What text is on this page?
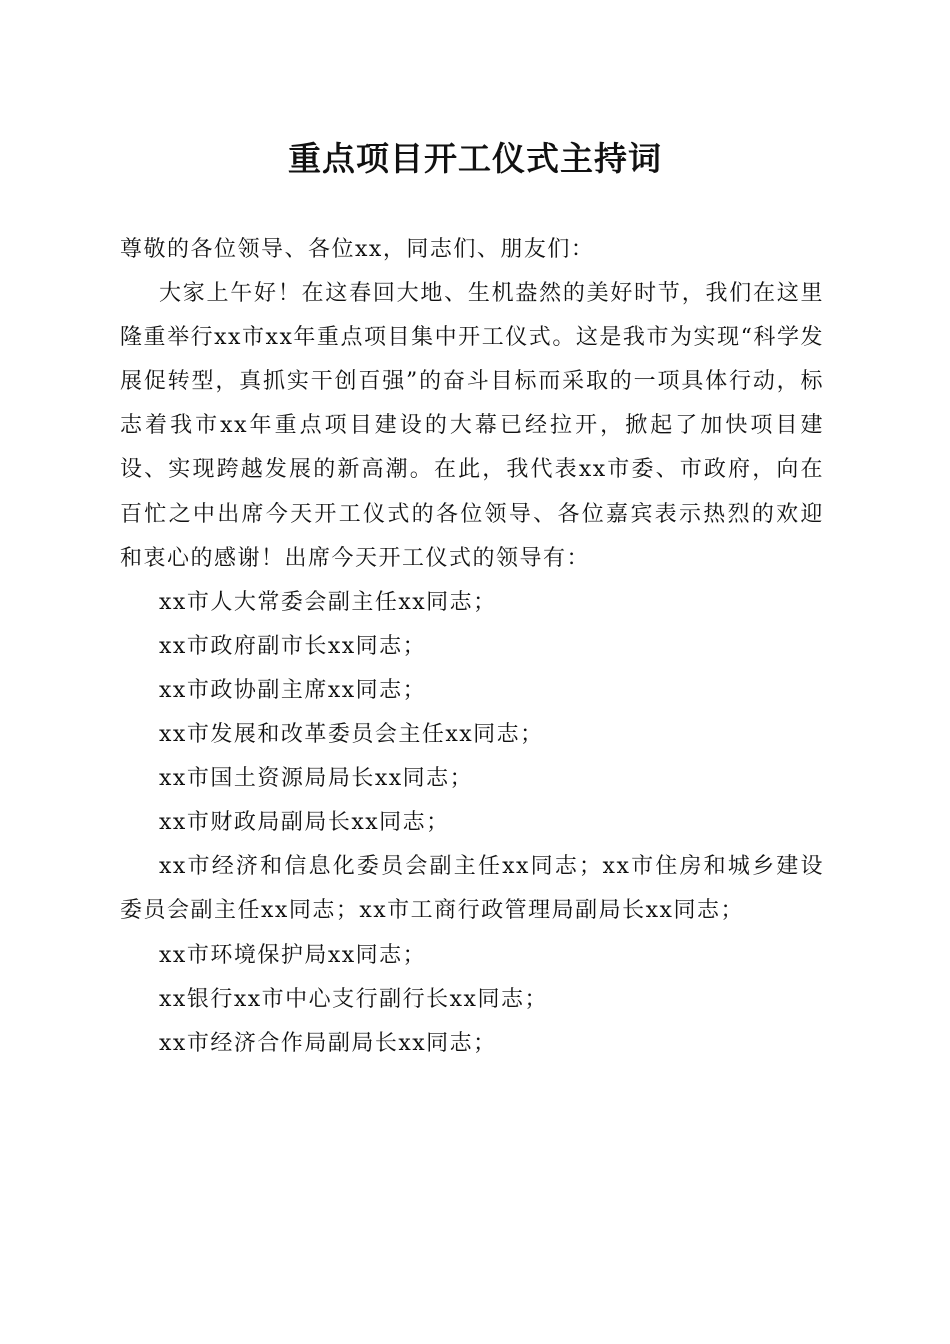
重点项目开工仪式主持词

尊敬的各位领导、各位xx，同志们、朋友们：

大家上午好！在这春回大地、生机盎然的美好时节，我们在这里隆重举行xx市xx年重点项目集中开工仪式。这是我市为实现“科学发展促转型，真抓实干创百强”的奋斗目标而采取的一项具体行动，标志着我市xx年重点项目建设的大幕已经拉开，掀起了加快项目建设、实现跨越发展的新高潮。在此，我代表xx市委、市政府，向在百忙之中出席今天开工仪式的各位领导、各位嘉宾表示热烈的欢迎和衷心的感谢！出席今天开工仪式的领导有：

xx市人大常委会副主任xx同志；

xx市政府副市长xx同志；

xx市政协副主席xx同志；

xx市发展和改革委员会主任xx同志；

xx市国土资源局局长xx同志；

xx市财政局副局长xx同志；

xx市经济和信息化委员会副主任xx同志；xx市住房和城乡建设委员会副主任xx同志；xx市工商行政管理局副局长xx同志；

xx市环境保护局xx同志；

xx银行xx市中心支行副行长xx同志；

xx市经济合作局副局长xx同志；
